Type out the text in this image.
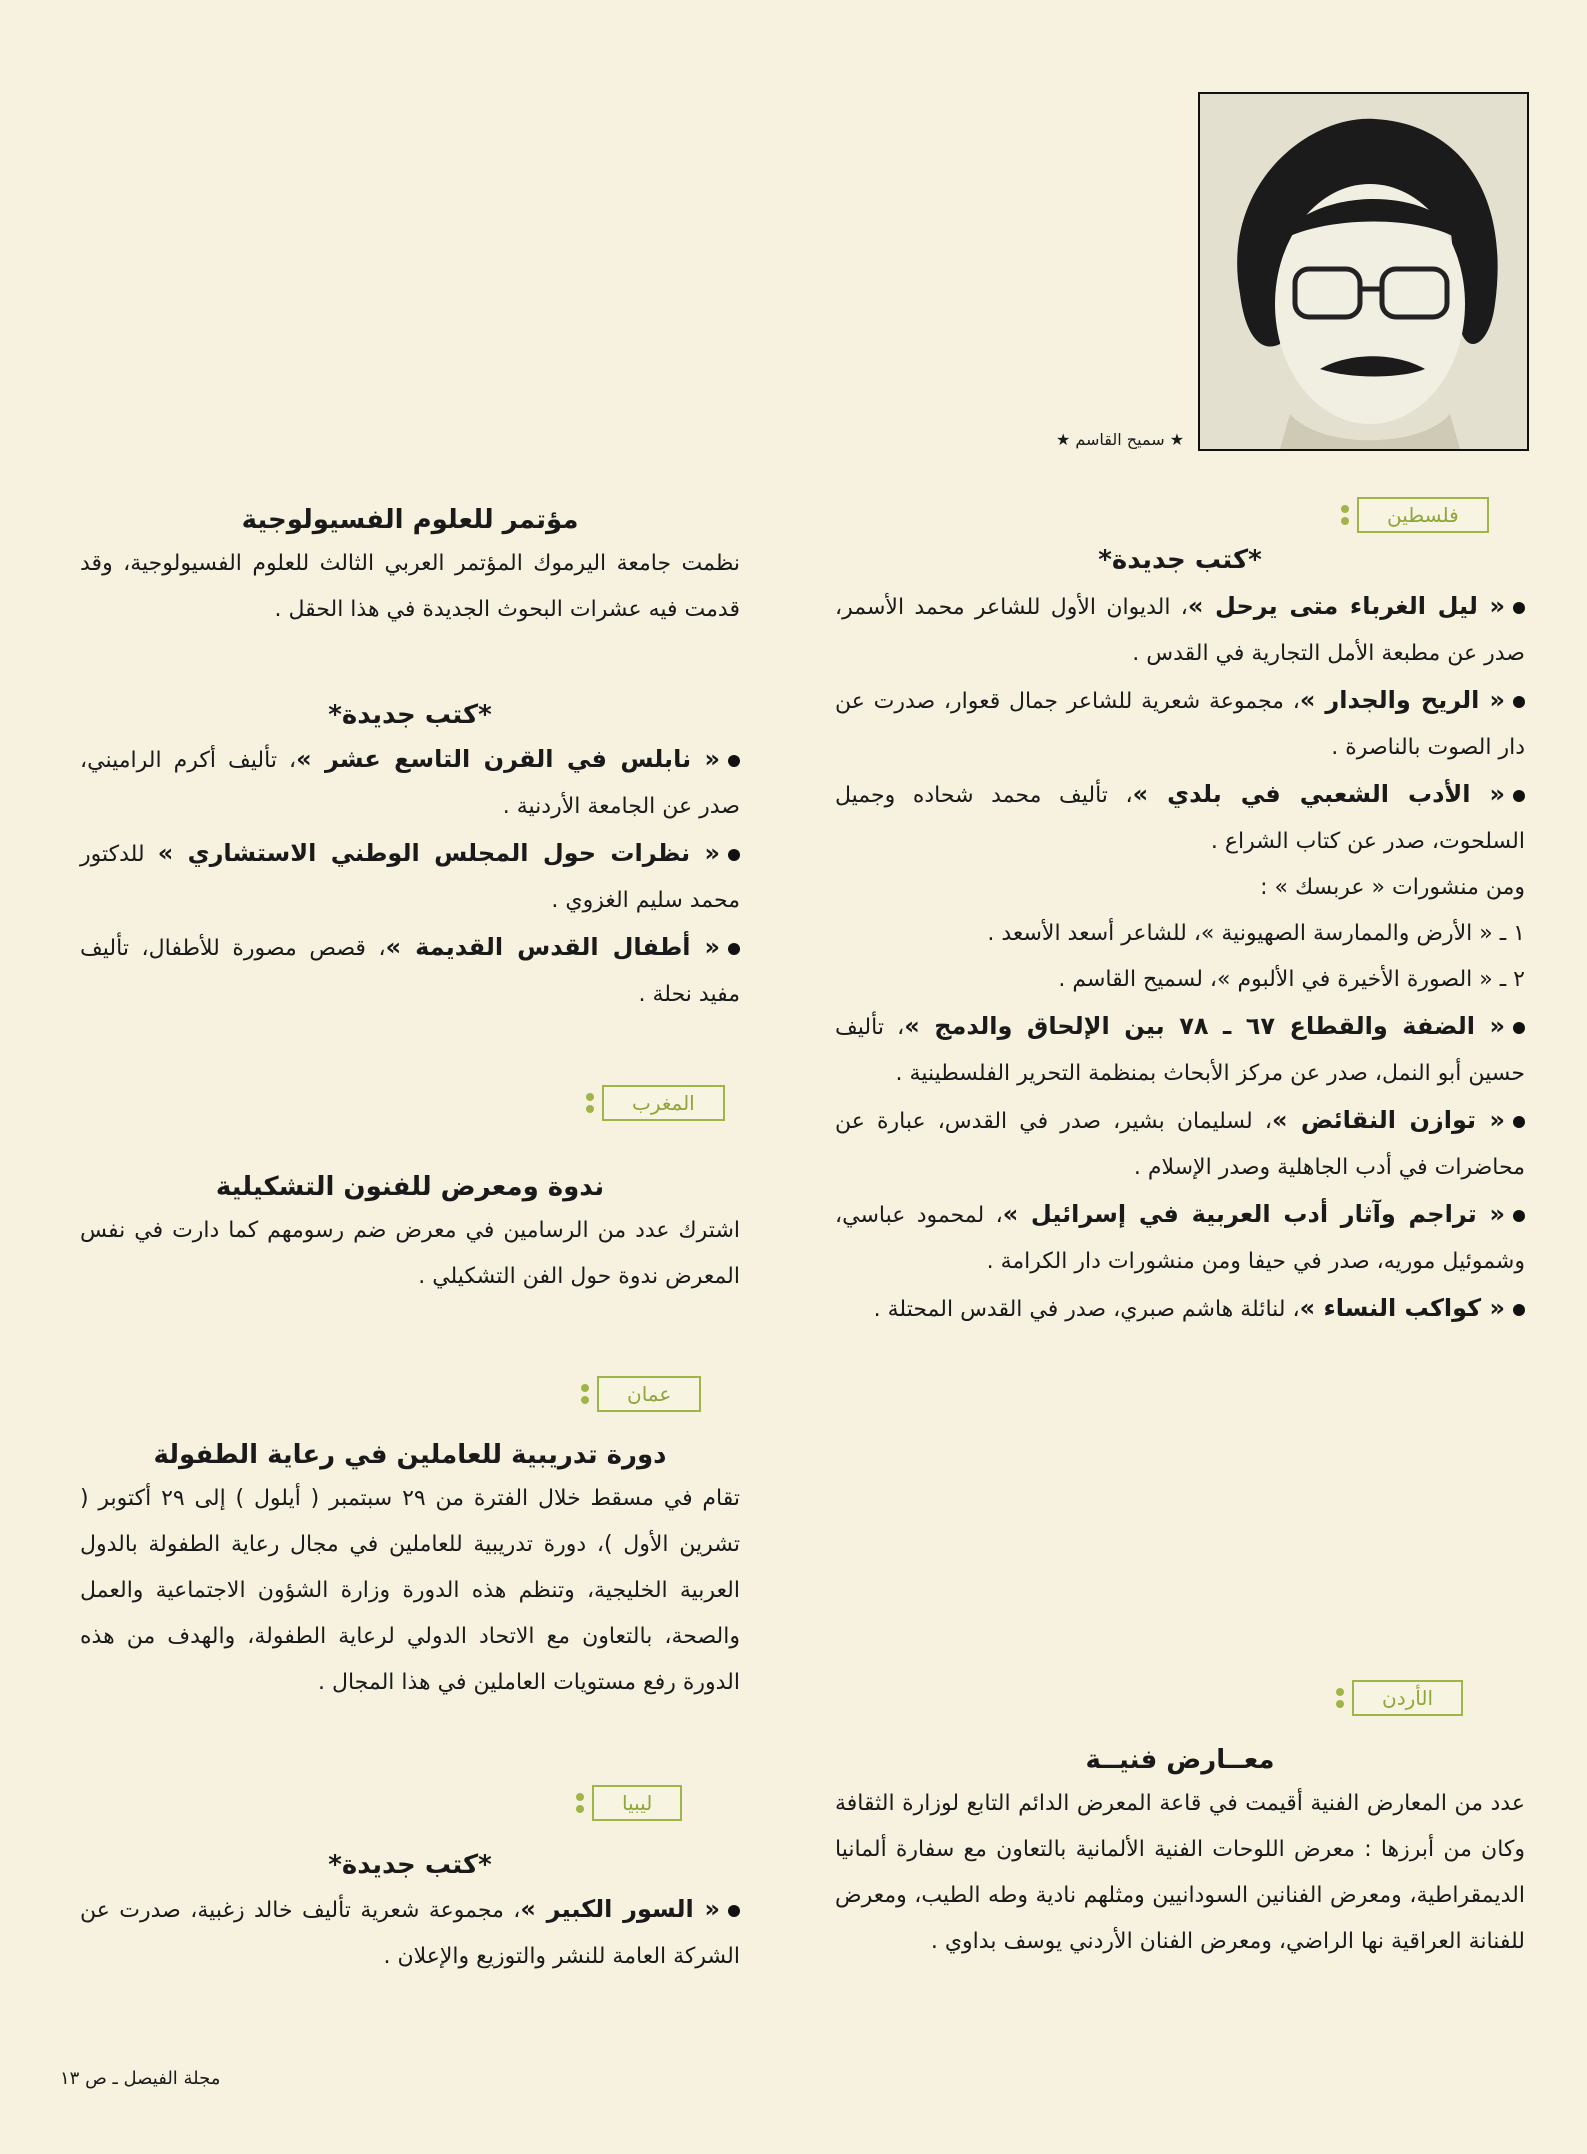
★ سميح القاسم ★
فلسطين
*كتب جديدة*
« ليل الغرباء متى يرحل »، الديوان الأول للشاعر محمد الأسمر، صدر عن مطبعة الأمل التجارية في القدس .
« الريح والجدار »، مجموعة شعرية للشاعر جمال قعوار، صدرت عن دار الصوت بالناصرة .
« الأدب الشعبي في بلدي »، تأليف محمد شحاده وجميل السلحوت، صدر عن كتاب الشراع .
ومن منشورات « عربسك » :
١ ـ « الأرض والممارسة الصهيونية »، للشاعر أسعد الأسعد .
٢ ـ « الصورة الأخيرة في الألبوم »، لسميح القاسم .
« الضفة والقطاع ٦٧ ـ ٧٨ بين الإلحاق والدمج »، تأليف حسين أبو النمل، صدر عن مركز الأبحاث بمنظمة التحرير الفلسطينية .
« توازن النقائض »، لسليمان بشير، صدر في القدس، عبارة عن محاضرات في أدب الجاهلية وصدر الإسلام .
« تراجم وآثار أدب العربية في إسرائيل »، لمحمود عباسي، وشموئيل موريه، صدر في حيفا ومن منشورات دار الكرامة .
« كواكب النساء »، لنائلة هاشم صبري، صدر في القدس المحتلة .
الأردن
معــارض فنيــة

عدد من المعارض الفنية أقيمت في قاعة المعرض الدائم التابع لوزارة الثقافة وكان من أبرزها : معرض اللوحات الفنية الألمانية بالتعاون مع سفارة ألمانيا الديمقراطية، ومعرض الفنانين السودانيين ومثلهم نادية وطه الطيب، ومعرض للفنانة العراقية نها الراضي، ومعرض الفنان الأردني يوسف بداوي .

مؤتمر للعلوم الفسيولوجية

نظمت جامعة اليرموك المؤتمر العربي الثالث للعلوم الفسيولوجية، وقد قدمت فيه عشرات البحوث الجديدة في هذا الحقل .

*كتب جديدة*
« نابلس في القرن التاسع عشر »، تأليف أكرم الراميني، صدر عن الجامعة الأردنية .
« نظرات حول المجلس الوطني الاستشاري » للدكتور محمد سليم الغزوي .
« أطفال القدس القديمة »، قصص مصورة للأطفال، تأليف مفيد نحلة .
المغرب
ندوة ومعرض للفنون التشكيلية

اشترك عدد من الرسامين في معرض ضم رسومهم كما دارت في نفس المعرض ندوة حول الفن التشكيلي .

عمان
دورة تدريبية للعاملين في رعاية الطفولة

تقام في مسقط خلال الفترة من ٢٩ سبتمبر ( أيلول ) إلى ٢٩ أكتوبر ( تشرين الأول )، دورة تدريبية للعاملين في مجال رعاية الطفولة بالدول العربية الخليجية، وتنظم هذه الدورة وزارة الشؤون الاجتماعية والعمل والصحة، بالتعاون مع الاتحاد الدولي لرعاية الطفولة، والهدف من هذه الدورة رفع مستويات العاملين في هذا المجال .

ليبيا
*كتب جديدة*
« السور الكبير »، مجموعة شعرية تأليف خالد زغبية، صدرت عن الشركة العامة للنشر والتوزيع والإعلان .
مجلة الفيصل ـ ص ١٣
